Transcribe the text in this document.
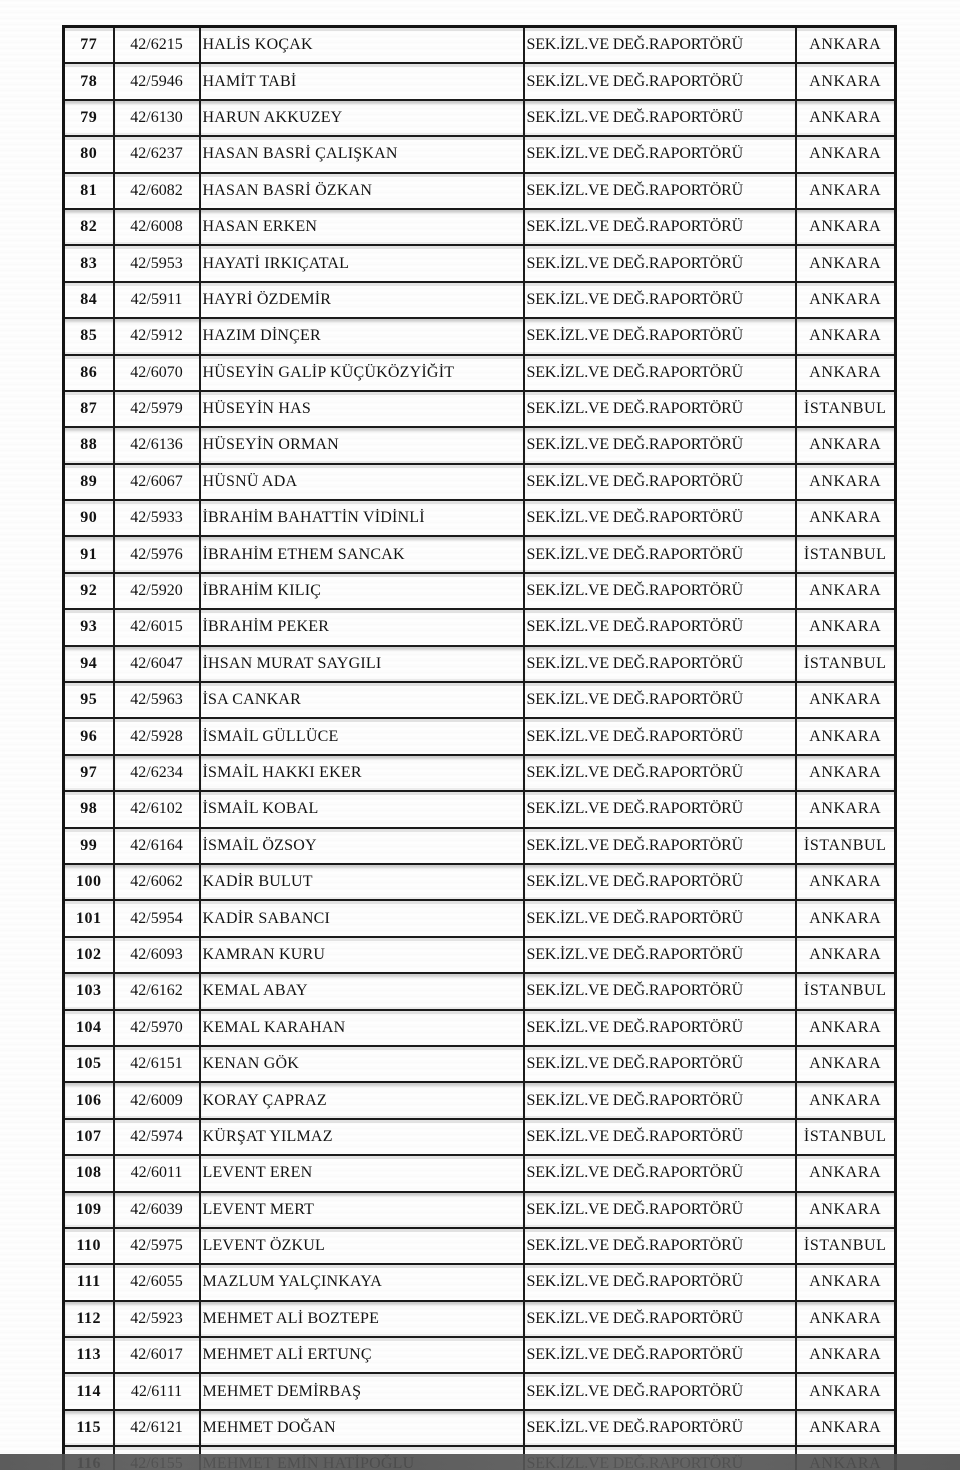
77	42/6215	HALİS KOÇAK	SEK.İZL.VE DEĞ.RAPORTÖRÜ	ANKARA
78	42/5946	HAMİT TABİ	SEK.İZL.VE DEĞ.RAPORTÖRÜ	ANKARA
79	42/6130	HARUN AKKUZEY	SEK.İZL.VE DEĞ.RAPORTÖRÜ	ANKARA
80	42/6237	HASAN BASRİ ÇALIŞKAN	SEK.İZL.VE DEĞ.RAPORTÖRÜ	ANKARA
81	42/6082	HASAN BASRİ ÖZKAN	SEK.İZL.VE DEĞ.RAPORTÖRÜ	ANKARA
82	42/6008	HASAN ERKEN	SEK.İZL.VE DEĞ.RAPORTÖRÜ	ANKARA
83	42/5953	HAYATİ IRKIÇATAL	SEK.İZL.VE DEĞ.RAPORTÖRÜ	ANKARA
84	42/5911	HAYRİ ÖZDEMİR	SEK.İZL.VE DEĞ.RAPORTÖRÜ	ANKARA
85	42/5912	HAZIM DİNÇER	SEK.İZL.VE DEĞ.RAPORTÖRÜ	ANKARA
86	42/6070	HÜSEYİN GALİP KÜÇÜKÖZYİĞİT	SEK.İZL.VE DEĞ.RAPORTÖRÜ	ANKARA
87	42/5979	HÜSEYİN HAS	SEK.İZL.VE DEĞ.RAPORTÖRÜ	İSTANBUL
88	42/6136	HÜSEYİN ORMAN	SEK.İZL.VE DEĞ.RAPORTÖRÜ	ANKARA
89	42/6067	HÜSNÜ ADA	SEK.İZL.VE DEĞ.RAPORTÖRÜ	ANKARA
90	42/5933	İBRAHİM BAHATTİN VİDİNLİ	SEK.İZL.VE DEĞ.RAPORTÖRÜ	ANKARA
91	42/5976	İBRAHİM ETHEM SANCAK	SEK.İZL.VE DEĞ.RAPORTÖRÜ	İSTANBUL
92	42/5920	İBRAHİM KILIÇ	SEK.İZL.VE DEĞ.RAPORTÖRÜ	ANKARA
93	42/6015	İBRAHİM PEKER	SEK.İZL.VE DEĞ.RAPORTÖRÜ	ANKARA
94	42/6047	İHSAN MURAT SAYGILI	SEK.İZL.VE DEĞ.RAPORTÖRÜ	İSTANBUL
95	42/5963	İSA CANKAR	SEK.İZL.VE DEĞ.RAPORTÖRÜ	ANKARA
96	42/5928	İSMAİL GÜLLÜCE	SEK.İZL.VE DEĞ.RAPORTÖRÜ	ANKARA
97	42/6234	İSMAİL HAKKI EKER	SEK.İZL.VE DEĞ.RAPORTÖRÜ	ANKARA
98	42/6102	İSMAİL KOBAL	SEK.İZL.VE DEĞ.RAPORTÖRÜ	ANKARA
99	42/6164	İSMAİL ÖZSOY	SEK.İZL.VE DEĞ.RAPORTÖRÜ	İSTANBUL
100	42/6062	KADİR BULUT	SEK.İZL.VE DEĞ.RAPORTÖRÜ	ANKARA
101	42/5954	KADİR SABANCI	SEK.İZL.VE DEĞ.RAPORTÖRÜ	ANKARA
102	42/6093	KAMRAN KURU	SEK.İZL.VE DEĞ.RAPORTÖRÜ	ANKARA
103	42/6162	KEMAL ABAY	SEK.İZL.VE DEĞ.RAPORTÖRÜ	İSTANBUL
104	42/5970	KEMAL KARAHAN	SEK.İZL.VE DEĞ.RAPORTÖRÜ	ANKARA
105	42/6151	KENAN GÖK	SEK.İZL.VE DEĞ.RAPORTÖRÜ	ANKARA
106	42/6009	KORAY ÇAPRAZ	SEK.İZL.VE DEĞ.RAPORTÖRÜ	ANKARA
107	42/5974	KÜRŞAT YILMAZ	SEK.İZL.VE DEĞ.RAPORTÖRÜ	İSTANBUL
108	42/6011	LEVENT EREN	SEK.İZL.VE DEĞ.RAPORTÖRÜ	ANKARA
109	42/6039	LEVENT MERT	SEK.İZL.VE DEĞ.RAPORTÖRÜ	ANKARA
110	42/5975	LEVENT ÖZKUL	SEK.İZL.VE DEĞ.RAPORTÖRÜ	İSTANBUL
111	42/6055	MAZLUM YALÇINKAYA	SEK.İZL.VE DEĞ.RAPORTÖRÜ	ANKARA
112	42/5923	MEHMET ALİ BOZTEPE	SEK.İZL.VE DEĞ.RAPORTÖRÜ	ANKARA
113	42/6017	MEHMET ALİ ERTUNÇ	SEK.İZL.VE DEĞ.RAPORTÖRÜ	ANKARA
114	42/6111	MEHMET DEMİRBAŞ	SEK.İZL.VE DEĞ.RAPORTÖRÜ	ANKARA
115	42/6121	MEHMET DOĞAN	SEK.İZL.VE DEĞ.RAPORTÖRÜ	ANKARA
